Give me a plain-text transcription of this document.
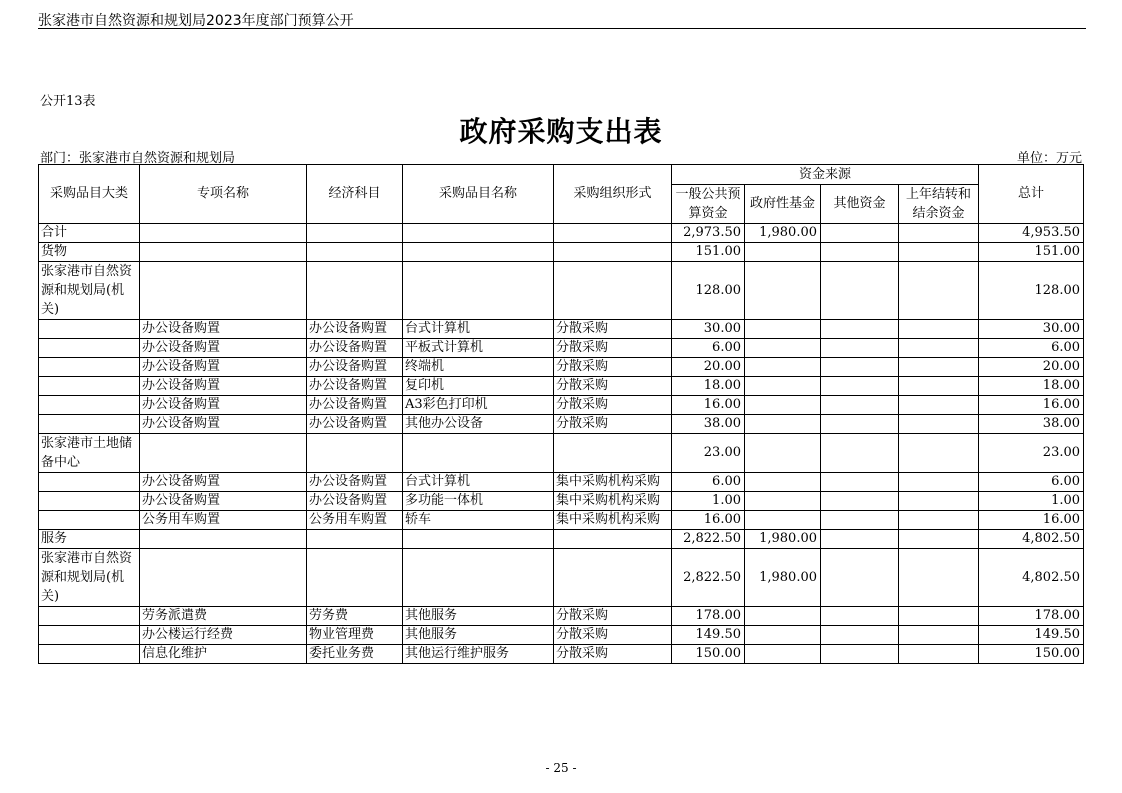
张家港市自然资源和规划局2023年度部门预算公开
公开13表
政府采购支出表
部门：张家港市自然资源和规划局	单位：万元
采购品目大类	专项名称	经济科目	采购品目名称	采购组织形式	资金来源				总计
					一般公共预算资金	政府性基金	其他资金	上年结转和结余资金	
合计					2,973.50	1,980.00			4,953.50
货物					151.00				151.00
张家港市自然资源和规划局(机关)					128.00				128.00
	办公设备购置	办公设备购置	台式计算机	分散采购	30.00				30.00
	办公设备购置	办公设备购置	平板式计算机	分散采购	6.00				6.00
	办公设备购置	办公设备购置	终端机	分散采购	20.00				20.00
	办公设备购置	办公设备购置	复印机	分散采购	18.00				18.00
	办公设备购置	办公设备购置	A3彩色打印机	分散采购	16.00				16.00
	办公设备购置	办公设备购置	其他办公设备	分散采购	38.00				38.00
张家港市土地储备中心					23.00				23.00
	办公设备购置	办公设备购置	台式计算机	集中采购机构采购	6.00				6.00
	办公设备购置	办公设备购置	多功能一体机	集中采购机构采购	1.00				1.00
	公务用车购置	公务用车购置	轿车	集中采购机构采购	16.00				16.00
服务					2,822.50	1,980.00			4,802.50
张家港市自然资源和规划局(机关)					2,822.50	1,980.00			4,802.50
	劳务派遣费	劳务费	其他服务	分散采购	178.00				178.00
	办公楼运行经费	物业管理费	其他服务	分散采购	149.50				149.50
	信息化维护	委托业务费	其他运行维护服务	分散采购	150.00				150.00
- 25 -
